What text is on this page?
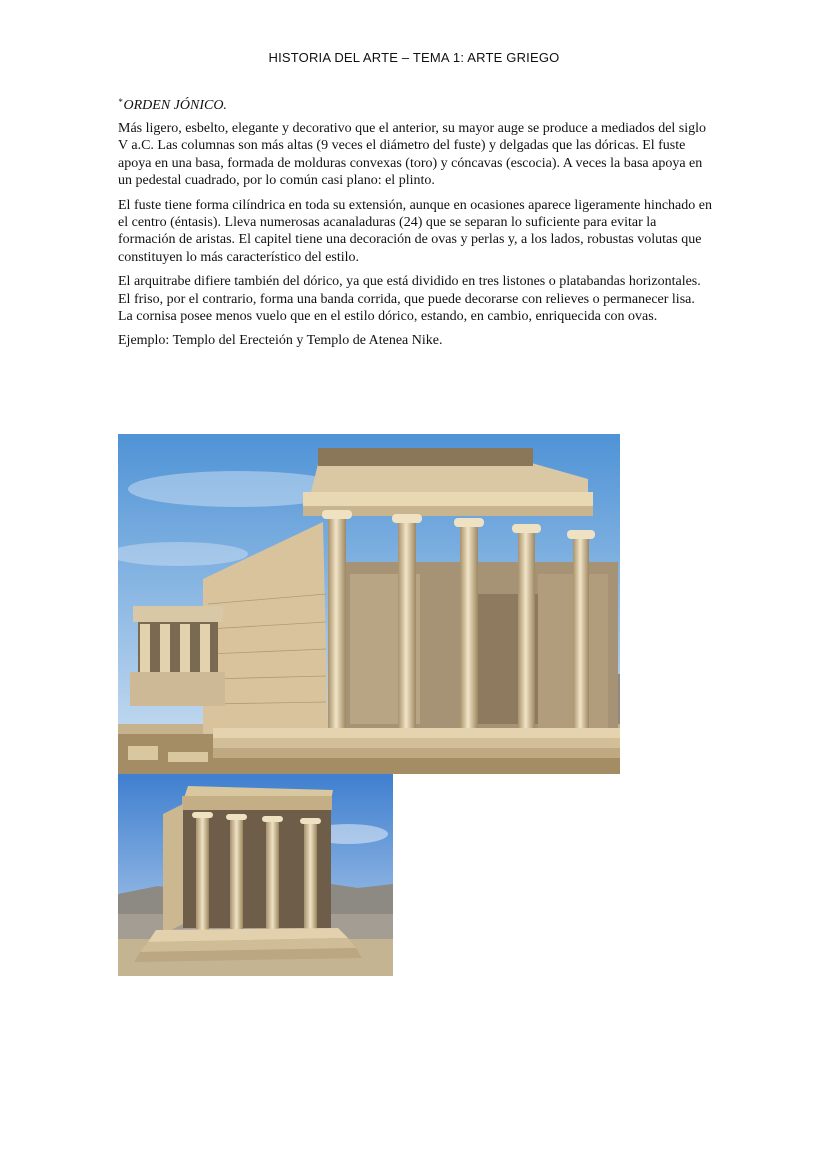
HISTORIA DEL ARTE – TEMA 1: ARTE GRIEGO
*ORDEN JÓNICO.

Más ligero, esbelto, elegante y decorativo que el anterior, su mayor auge se produce a mediados del siglo V a.C. Las columnas son más altas (9 veces el diámetro del fuste) y delgadas que las dóricas. El fuste apoya en una basa, formada de molduras convexas (toro) y cóncavas (escocia). A veces la basa apoya en un pedestal cuadrado, por lo común casi plano: el plinto.

El fuste tiene forma cilíndrica en toda su extensión, aunque en ocasiones aparece ligeramente hinchado en el centro (éntasis). Lleva numerosas acanaladuras (24) que se separan lo suficiente para evitar la formación de aristas. El capitel tiene una decoración de ovas y perlas y, a los lados, robustas volutas que constituyen lo más característico del estilo.

El arquitrabe difiere también del dórico, ya que está dividido en tres listones o platabandas horizontales. El friso, por el contrario, forma una banda corrida, que puede decorarse con relieves o permanecer lisa. La cornisa posee menos vuelo que en el estilo dórico, estando, en cambio, enriquecida con ovas.

Ejemplo: Templo del Erecteión y Templo de Atenea Nike.
